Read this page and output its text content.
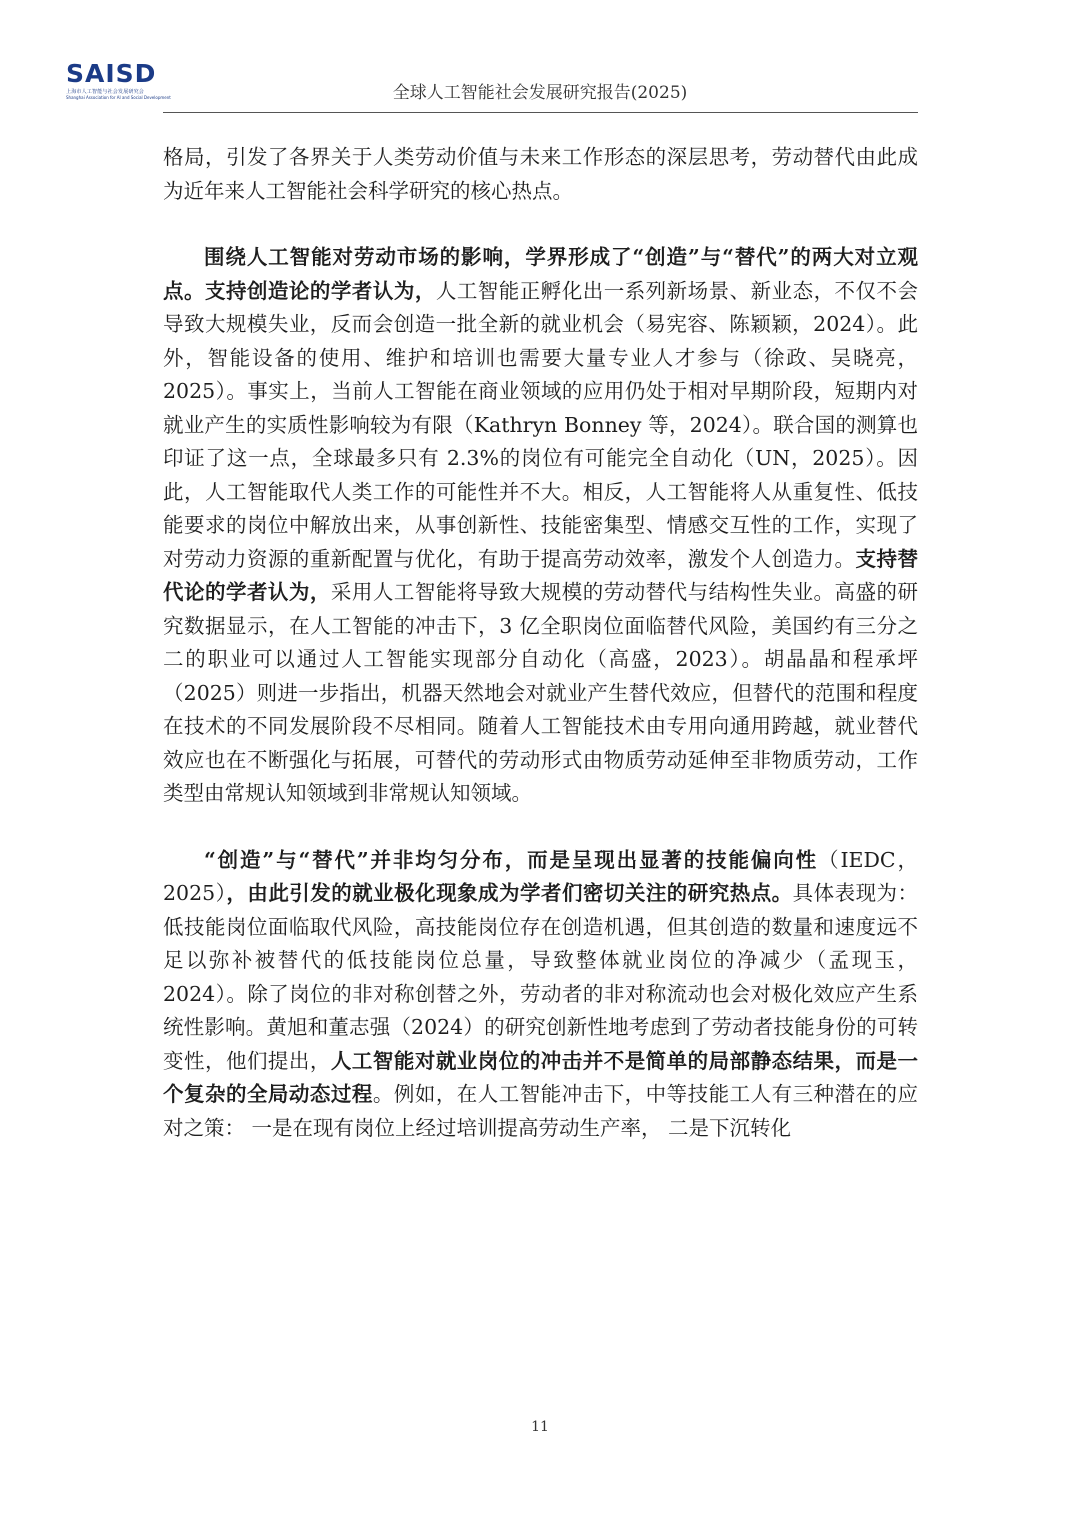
SAISD
上海市人工智能与社会发展研究会
Shanghai Association for AI and Social Development	全球人工智能社会发展研究报告(2025)

格局，引发了各界关于人类劳动价值与未来工作形态的深层思考，劳动替代由此成为近年来人工智能社会科学研究的核心热点。

围绕人工智能对劳动市场的影响，学界形成了“创造”与“替代”的两大对立观点。支持创造论的学者认为，人工智能正孵化出一系列新场景、新业态，不仅不会导致大规模失业，反而会创造一批全新的就业机会（易宪容、陈颖颖，2024）。此外，智能设备的使用、维护和培训也需要大量专业人才参与（徐政、吴晓亮，2025）。事实上，当前人工智能在商业领域的应用仍处于相对早期阶段，短期内对就业产生的实质性影响较为有限（Kathryn Bonney 等，2024）。联合国的测算也印证了这一点，全球最多只有 2.3%的岗位有可能完全自动化（UN，2025）。因此，人工智能取代人类工作的可能性并不大。相反，人工智能将人从重复性、低技能要求的岗位中解放出来，从事创新性、技能密集型、情感交互性的工作，实现了对劳动力资源的重新配置与优化，有助于提高劳动效率，激发个人创造力。支持替代论的学者认为，采用人工智能将导致大规模的劳动替代与结构性失业。高盛的研究数据显示，在人工智能的冲击下，3 亿全职岗位面临替代风险，美国约有三分之二的职业可以通过人工智能实现部分自动化（高盛，2023）。胡晶晶和程承坪（2025）则进一步指出，机器天然地会对就业产生替代效应，但替代的范围和程度在技术的不同发展阶段不尽相同。随着人工智能技术由专用向通用跨越，就业替代效应也在不断强化与拓展，可替代的劳动形式由物质劳动延伸至非物质劳动，工作类型由常规认知领域到非常规认知领域。

“创造”与“替代”并非均匀分布，而是呈现出显著的技能偏向性（IEDC，2025），由此引发的就业极化现象成为学者们密切关注的研究热点。具体表现为：低技能岗位面临取代风险，高技能岗位存在创造机遇，但其创造的数量和速度远不足以弥补被替代的低技能岗位总量，导致整体就业岗位的净减少（孟现玉，2024）。除了岗位的非对称创替之外，劳动者的非对称流动也会对极化效应产生系统性影响。黄旭和董志强（2024）的研究创新性地考虑到了劳动者技能身份的可转变性，他们提出，人工智能对就业岗位的冲击并不是简单的局部静态结果，而是一个复杂的全局动态过程。例如，在人工智能冲击下，中等技能工人有三种潜在的应对之策： 一是在现有岗位上经过培训提高劳动生产率， 二是下沉转化

11
